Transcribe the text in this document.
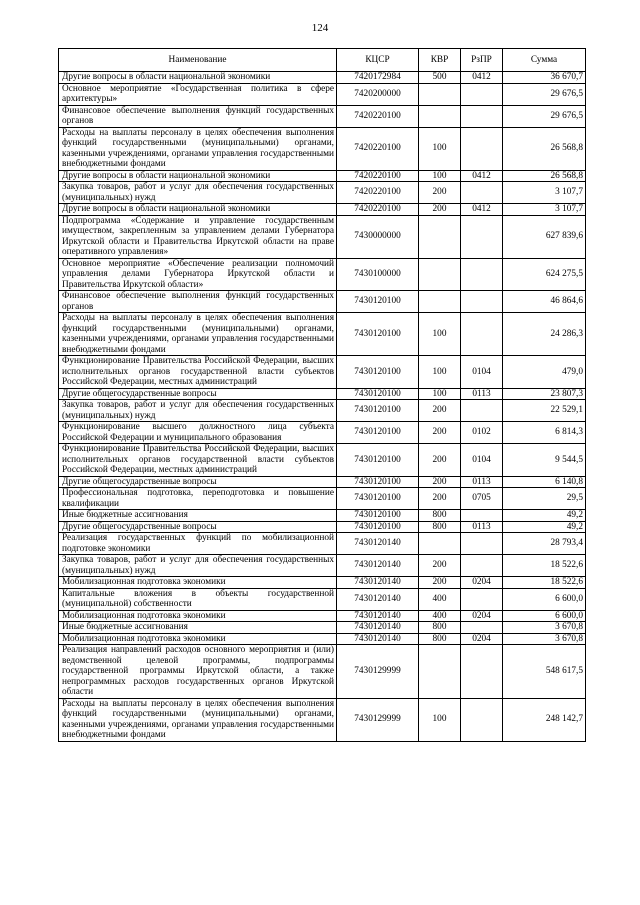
124
Наименование	КЦСР	КВР	РзПР	Сумма
Другие вопросы в области национальной экономики	7420172984	500	0412	36 670,7
Основное мероприятие «Государственная политика в сфере архитектуры»	7420200000			29 676,5
Финансовое обеспечение выполнения функций государственных органов	7420220100			29 676,5
Расходы на выплаты персоналу в целях обеспечения выполнения функций государственными (муниципальными) органами, казенными учреждениями, органами управления государственными внебюджетными фондами	7420220100	100		26 568,8
Другие вопросы в области национальной экономики	7420220100	100	0412	26 568,8
Закупка товаров, работ и услуг для обеспечения государственных (муниципальных) нужд	7420220100	200		3 107,7
Другие вопросы в области национальной экономики	7420220100	200	0412	3 107,7
Подпрограмма «Содержание и управление государственным имуществом, закрепленным за управлением делами Губернатора Иркутской области и Правительства Иркутской области на праве оперативного управления»	7430000000			627 839,6
Основное мероприятие «Обеспечение реализации полномочий управления делами Губернатора Иркутской области и Правительства Иркутской области»	7430100000			624 275,5
Финансовое обеспечение выполнения функций государственных органов	7430120100			46 864,6
Расходы на выплаты персоналу в целях обеспечения выполнения функций государственными (муниципальными) органами, казенными учреждениями, органами управления государственными внебюджетными фондами	7430120100	100		24 286,3
Функционирование Правительства Российской Федерации, высших исполнительных органов государственной власти субъектов Российской Федерации, местных администраций	7430120100	100	0104	479,0
Другие общегосударственные вопросы	7430120100	100	0113	23 807,3
Закупка товаров, работ и услуг для обеспечения государственных (муниципальных) нужд	7430120100	200		22 529,1
Функционирование высшего должностного лица субъекта Российской Федерации и муниципального образования	7430120100	200	0102	6 814,3
Функционирование Правительства Российской Федерации, высших исполнительных органов государственной власти субъектов Российской Федерации, местных администраций	7430120100	200	0104	9 544,5
Другие общегосударственные вопросы	7430120100	200	0113	6 140,8
Профессиональная подготовка, переподготовка и повышение квалификации	7430120100	200	0705	29,5
Иные бюджетные ассигнования	7430120100	800		49,2
Другие общегосударственные вопросы	7430120100	800	0113	49,2
Реализация государственных функций по мобилизационной подготовке экономики	7430120140			28 793,4
Закупка товаров, работ и услуг для обеспечения государственных (муниципальных) нужд	7430120140	200		18 522,6
Мобилизационная подготовка экономики	7430120140	200	0204	18 522,6
Капитальные вложения в объекты государственной (муниципальной) собственности	7430120140	400		6 600,0
Мобилизационная подготовка экономики	7430120140	400	0204	6 600,0
Иные бюджетные ассигнования	7430120140	800		3 670,8
Мобилизационная подготовка экономики	7430120140	800	0204	3 670,8
Реализация направлений расходов основного мероприятия и (или) ведомственной целевой программы, подпрограммы государственной программы Иркутской области, а также непрограммных расходов государственных органов Иркутской области	7430129999			548 617,5
Расходы на выплаты персоналу в целях обеспечения выполнения функций государственными (муниципальными) органами, казенными учреждениями, органами управления государственными внебюджетными фондами	7430129999	100		248 142,7
